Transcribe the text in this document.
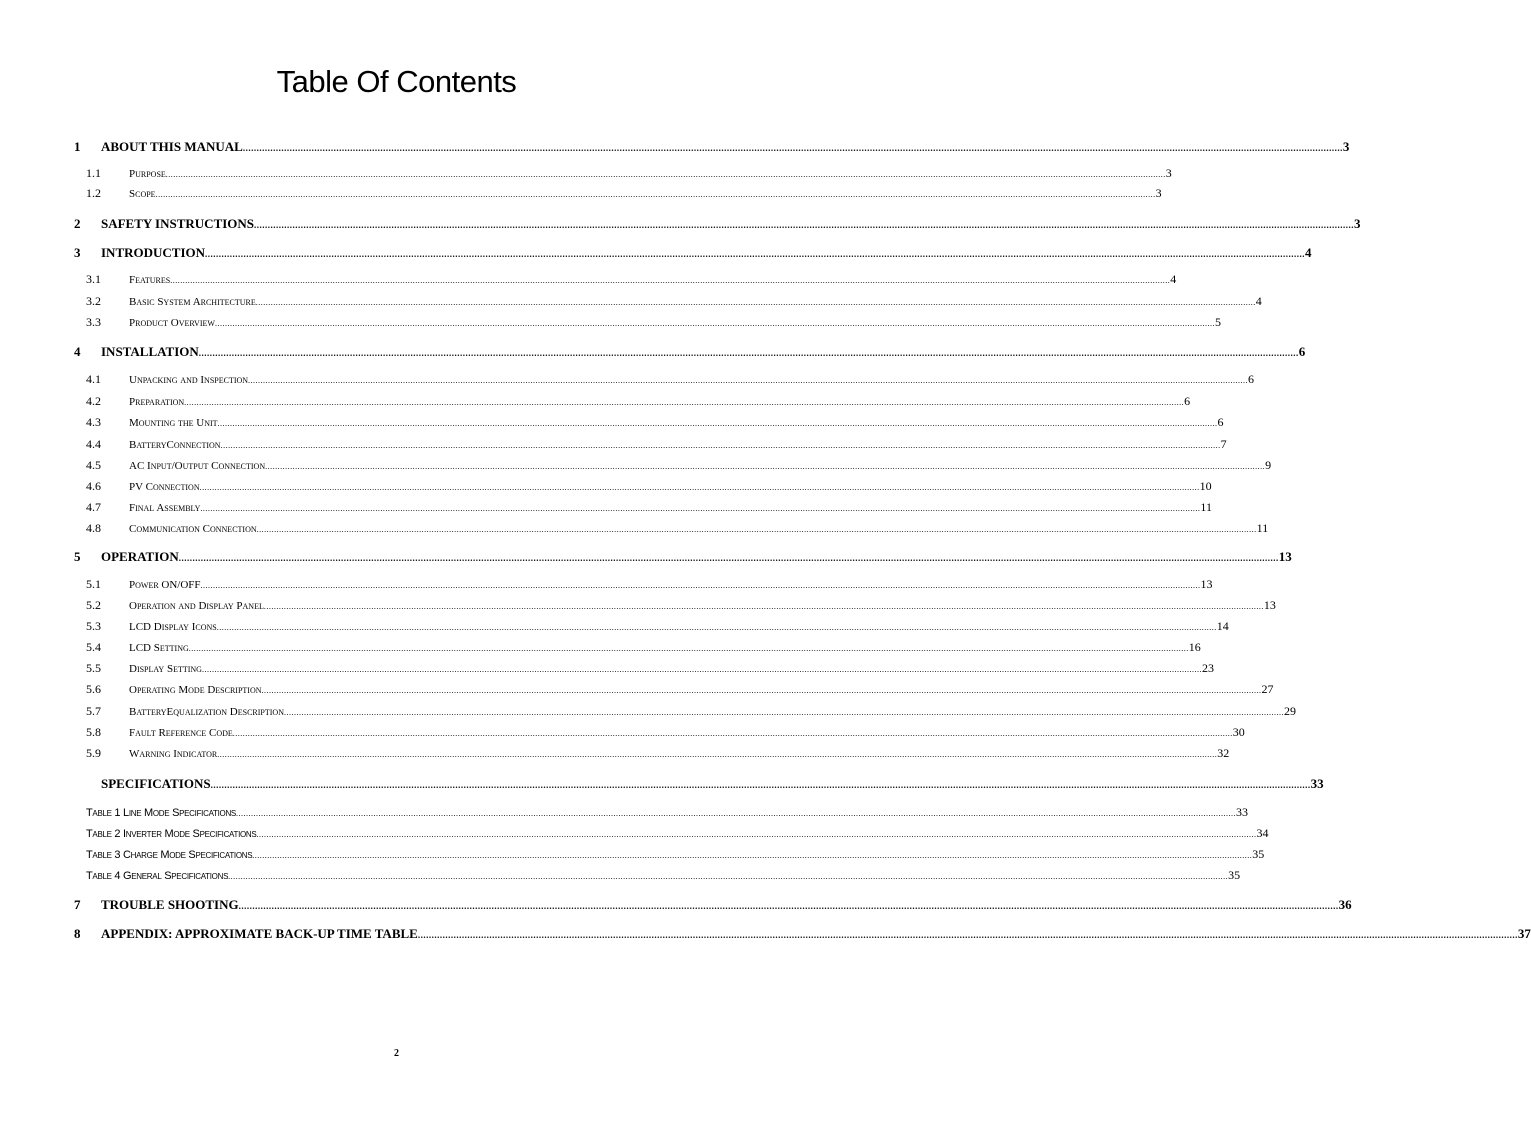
Table Of Contents
1	ABOUT THIS MANUAL ................................................................................................................................................................................................................................................................................................................................................................................................................ 3
1.1	Purpose ................................................................................................................................................................................................................................................................................................................................................................................................................ 3
1.2	Scope ................................................................................................................................................................................................................................................................................................................................................................................................................ 3
2	SAFETY INSTRUCTIONS ................................................................................................................................................................................................................................................................................................................................................................................................................ 3
3	INTRODUCTION ................................................................................................................................................................................................................................................................................................................................................................................................................ 4
3.1	Features ................................................................................................................................................................................................................................................................................................................................................................................................................ 4
3.2	Basic System Architecture ................................................................................................................................................................................................................................................................................................................................................................................................................ 4
3.3	Product Overview ................................................................................................................................................................................................................................................................................................................................................................................................................ 5
4	INSTALLATION ................................................................................................................................................................................................................................................................................................................................................................................................................ 6
4.1	Unpacking and Inspection ................................................................................................................................................................................................................................................................................................................................................................................................................ 6
4.2	Preparation ................................................................................................................................................................................................................................................................................................................................................................................................................ 6
4.3	Mounting the Unit ................................................................................................................................................................................................................................................................................................................................................................................................................ 6
4.4	BatteryConnection ................................................................................................................................................................................................................................................................................................................................................................................................................ 7
4.5	AC Input/Output Connection ................................................................................................................................................................................................................................................................................................................................................................................................................ 9
4.6	PV Connection ................................................................................................................................................................................................................................................................................................................................................................................................................ 10
4.7	Final Assembly ................................................................................................................................................................................................................................................................................................................................................................................................................ 11
4.8	Communication Connection ................................................................................................................................................................................................................................................................................................................................................................................................................ 11
5	OPERATION ................................................................................................................................................................................................................................................................................................................................................................................................................ 13
5.1	Power ON/OFF ................................................................................................................................................................................................................................................................................................................................................................................................................ 13
5.2	Operation and Display Panel ................................................................................................................................................................................................................................................................................................................................................................................................................ 13
5.3	LCD Display Icons ................................................................................................................................................................................................................................................................................................................................................................................................................ 14
5.4	LCD Setting ................................................................................................................................................................................................................................................................................................................................................................................................................ 16
5.5	Display Setting ................................................................................................................................................................................................................................................................................................................................................................................................................ 23
5.6	Operating Mode Description ................................................................................................................................................................................................................................................................................................................................................................................................................ 27
5.7	BatteryEqualization Description ................................................................................................................................................................................................................................................................................................................................................................................................................ 29
5.8	Fault Reference Code ................................................................................................................................................................................................................................................................................................................................................................................................................ 30
5.9	Warning Indicator ................................................................................................................................................................................................................................................................................................................................................................................................................ 32
SPECIFICATIONS ................................................................................................................................................................................................................................................................................................................................................................................................................ 33
Table 1 Line Mode Specifications ................................................................................................................................................................................................................................................................................................................................................................................................................ 33
Table 2 Inverter Mode Specifications ................................................................................................................................................................................................................................................................................................................................................................................................................ 34
Table 3 Charge Mode Specifications ................................................................................................................................................................................................................................................................................................................................................................................................................ 35
Table 4 General Specifications ................................................................................................................................................................................................................................................................................................................................................................................................................ 35
7	TROUBLE SHOOTING ................................................................................................................................................................................................................................................................................................................................................................................................................ 36
8	APPENDIX: APPROXIMATE BACK-UP TIME TABLE ................................................................................................................................................................................................................................................................................................................................................................................................................ 37
2
